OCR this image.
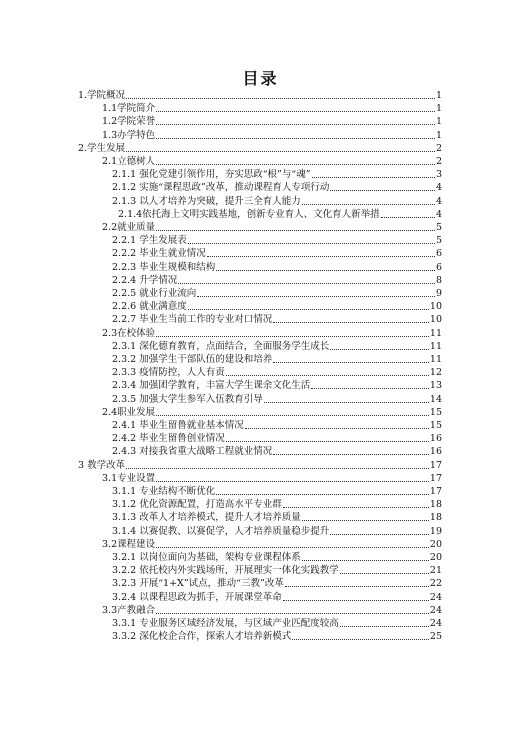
目录
1.学院概况	1
1.1学院简介	1
1.2学院荣誉	1
1.3办学特色	1
2.学生发展	2
2.1立德树人	2
2.1.1 强化党建引领作用，夯实思政“根”与“魂”	3
2.1.2 实施“课程思政”改革，推动课程育人专项行动	4
2.1.3 以人才培养为突破，提升三全育人能力	4
2.1.4依托海上文明实践基地，创新专业育人、文化育人新举措	4
2.2就业质量	5
2.2.1 学生发展表	5
2.2.2 毕业生就业情况	6
2.2.3 毕业生规模和结构	6
2.2.4 升学情况	8
2.2.5 就业行业流向	9
2.2.6 就业满意度	10
2.2.7 毕业生当前工作的专业对口情况	10
2.3在校体验	11
2.3.1 深化德育教育，点面结合，全面服务学生成长	11
2.3.2 加强学生干部队伍的建设和培养	11
2.3.3 疫情防控，人人有责	12
2.3.4 加强团学教育，丰富大学生课余文化生活	13
2.3.5 加强大学生参军入伍教育引导	14
2.4职业发展	15
2.4.1 毕业生留鲁就业基本情况	15
2.4.2 毕业生留鲁创业情况	16
2.4.3 对接我省重大战略工程就业情况	16
3 教学改革	17
3.1专业设置	17
3.1.1 专业结构不断优化	17
3.1.2 优化资源配置，打造高水平专业群	18
3.1.3 改革人才培养模式，提升人才培养质量	18
3.1.4 以赛促教、以赛促学，人才培养质量稳步提升	19
3.2课程建设	20
3.2.1 以岗位面向为基础，架构专业课程体系	20
3.2.2 依托校内外实践场所，开展理实一体化实践教学	21
3.2.3 开展“1+X”试点，推动“三教”改革	22
3.2.4 以课程思政为抓手，开展课堂革命	24
3.3产教融合	24
3.3.1 专业服务区域经济发展，与区域产业匹配度较高	24
3.3.2 深化校企合作，探索人才培养新模式	25
